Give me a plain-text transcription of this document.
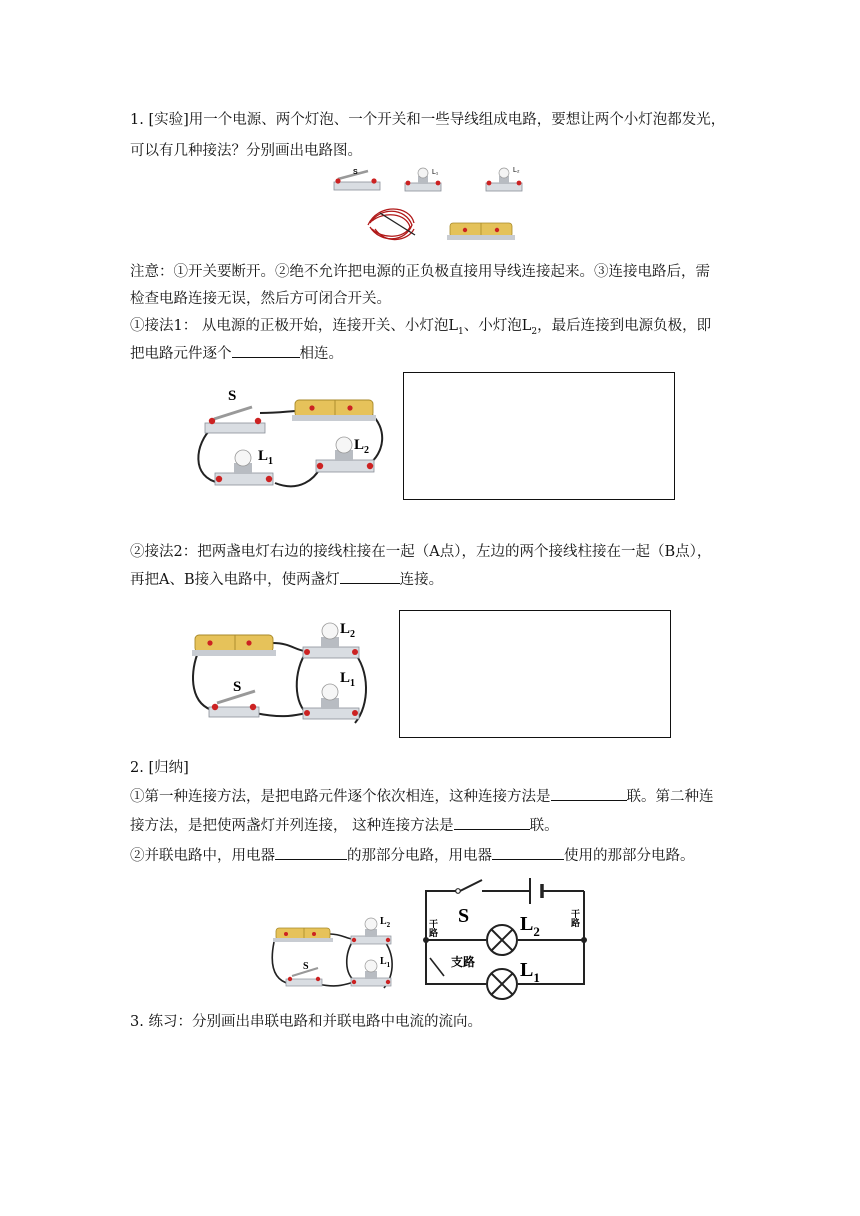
1. [实验]用一个电源、两个灯泡、一个开关和一些导线组成电路，要想让两个小灯泡都发光，
可以有几种接法？分别画出电路图。
S	L₁	L₂
注意：①开关要断开。②绝不允许把电源的正负极直接用导线连接起来。③连接电路后，需
检查电路连接无误，然后方可闭合开关。
①接法1： 从电源的正极开始，连接开关、小灯泡$L_1$、小灯泡$L_2$，最后连接到电源负极，即
把电路元件逐个	相连。
S
$L_1$
$L_2$
②接法2：把两盏电灯右边的接线柱接在一起（A点），左边的两个接线柱接在一起（B点），
再把A、B接入电路中，使两盏灯	连接。
S
$L_2$
$L_1$
2. [归纳]
①第一种连接方法，是把电路元件逐个依次相连，这种连接方法是	联。第二种连
接方法，是把使两盏灯并列连接， 这种连接方法是	联。
②并联电路中，用电器	的那部分电路，用电器	使用的那部分电路。
S
$L_2$
$L_1$
S	$L_2$
$L_1$
干路
干路
支路
3. 练习：分别画出串联电路和并联电路中电流的流向。
